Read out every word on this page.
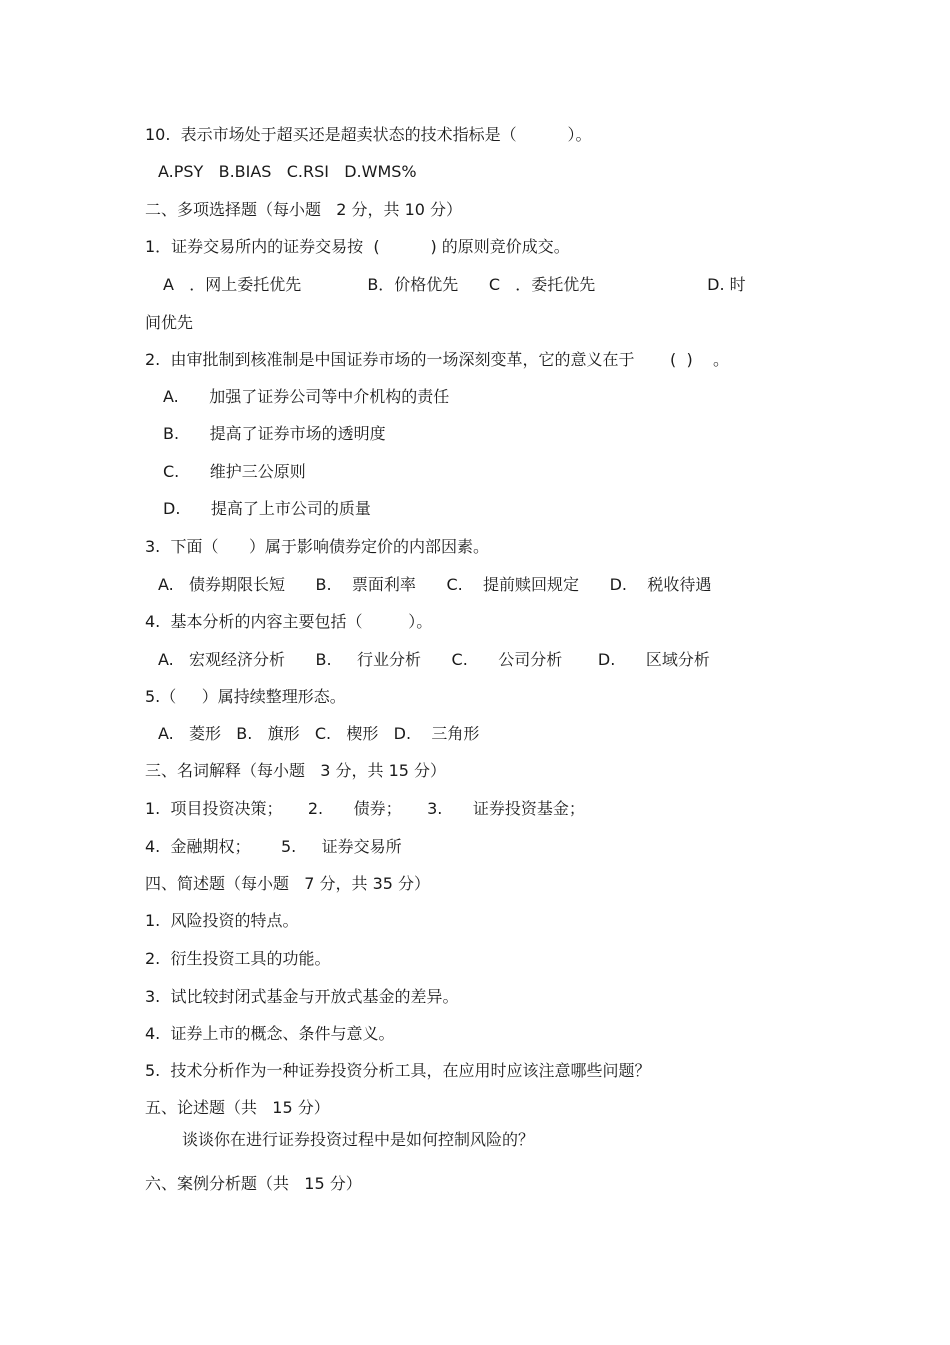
10.  表示市场处于超买还是超卖状态的技术指标是（          ）。
A.PSY   B.BIAS   C.RSI   D.WMS%
二、多项选择题（每小题   2 分，共 10 分）
1．证券交易所内的证券交易按  (          ) 的原则竞价成交。
A   ．网上委托优先             B．价格优先      C   ．委托优先                      D. 时
间优先
2.  由审批制到核准制是中国证券市场的一场深刻变革，它的意义在于       (  )    。
A.      加强了证券公司等中介机构的责任
B.      提高了证券市场的透明度
C.      维护三公原则
D.      提高了上市公司的质量
3.  下面（      ）属于影响债券定价的内部因素。
A.   债券期限长短      B.    票面利率      C.    提前赎回规定      D.    税收待遇
4.  基本分析的内容主要包括（         ）。
A.   宏观经济分析      B.     行业分析      C.      公司分析       D.      区域分析
5.（     ）属持续整理形态。
A.   菱形   B.   旗形   C.   楔形   D.    三角形
三、名词解释（每小题   3 分，共 15 分）
1.  项目投资决策；     2.      债券；     3.      证券投资基金；
4.  金融期权；      5.     证券交易所
四、简述题（每小题   7 分，共 35 分）
1.  风险投资的特点。
2.  衍生投资工具的功能。
3.  试比较封闭式基金与开放式基金的差异。
4.  证券上市的概念、条件与意义。
5.  技术分析作为一种证券投资分析工具，在应用时应该注意哪些问题？
五、论述题（共   15 分）
谈谈你在进行证券投资过程中是如何控制风险的？
六、案例分析题（共   15 分）
